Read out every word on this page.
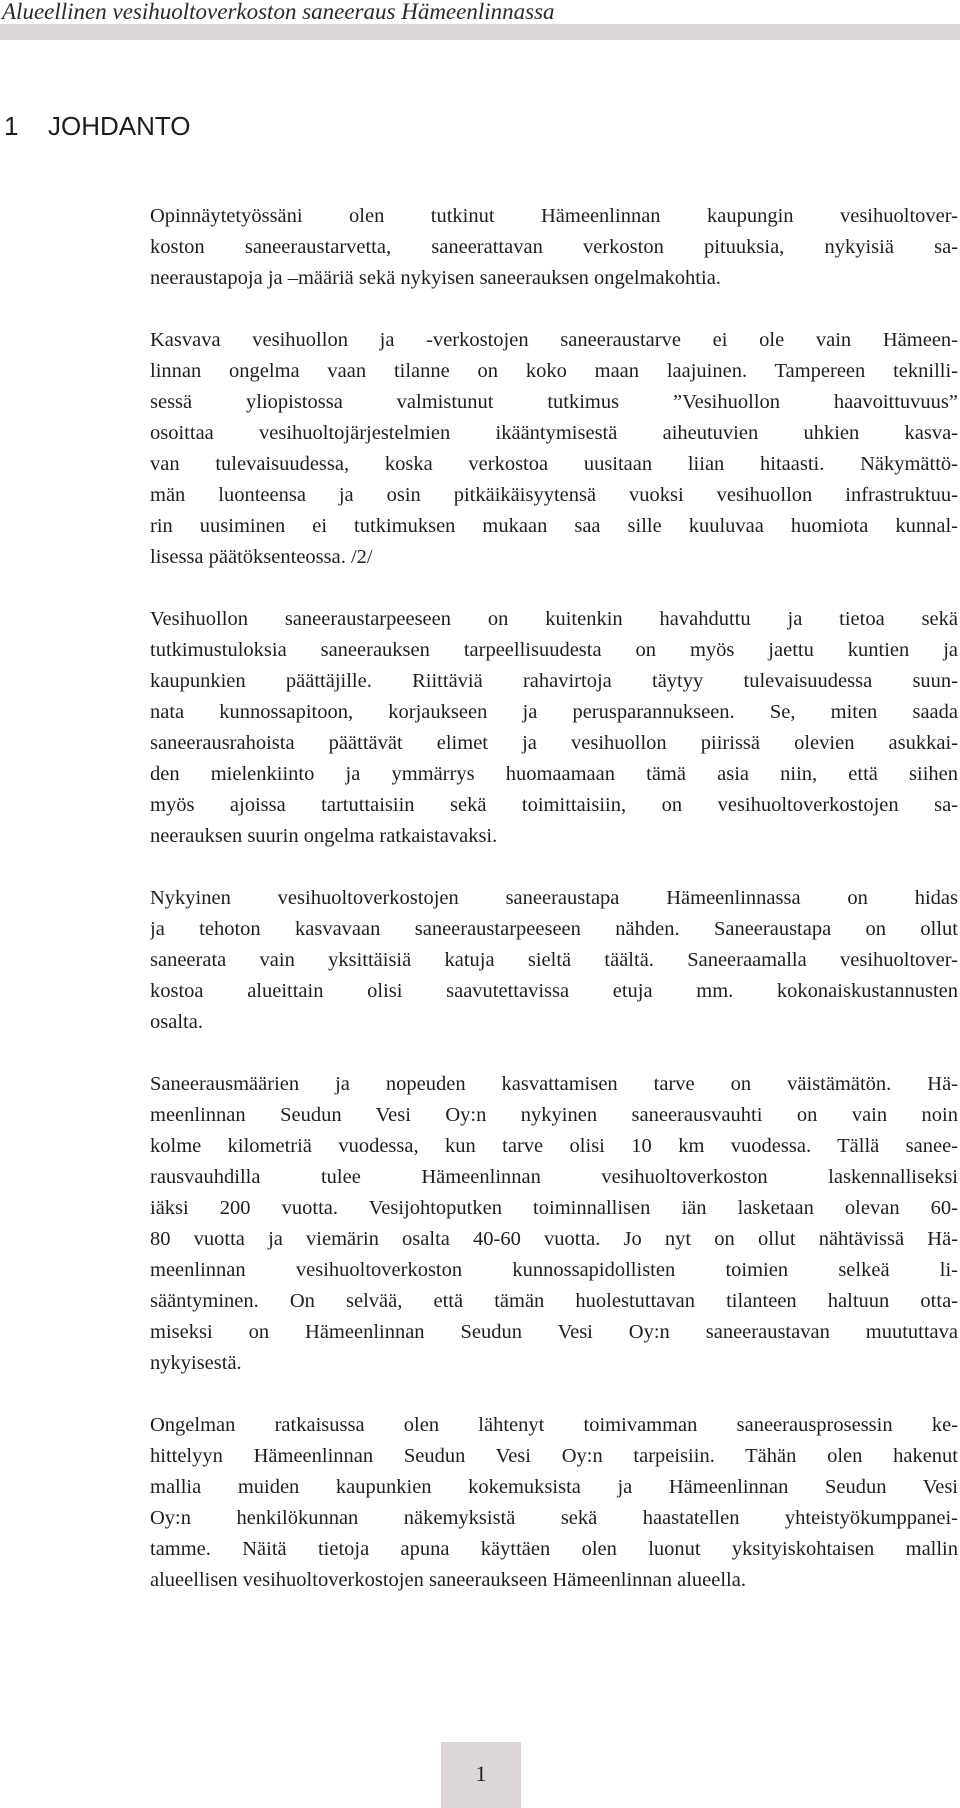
Alueellinen vesihuoltoverkoston saneeraus Hämeenlinnassa
1 JOHDANTO

Opinnäytetyössäni olen tutkinut Hämeenlinnan kaupungin vesihuoltover-
koston saneeraustarvetta, saneerattavan verkoston pituuksia, nykyisiä sa-
neeraustapoja ja –määriä sekä nykyisen saneerauksen ongelmakohtia.

Kasvava vesihuollon ja -verkostojen saneeraustarve ei ole vain Hämeen-
linnan ongelma vaan tilanne on koko maan laajuinen. Tampereen teknilli-
sessä yliopistossa valmistunut tutkimus ”Vesihuollon haavoittuvuus”
osoittaa vesihuoltojärjestelmien ikääntymisestä aiheutuvien uhkien kasva-
van tulevaisuudessa, koska verkostoa uusitaan liian hitaasti. Näkymättö-
män luonteensa ja osin pitkäikäisyytensä vuoksi vesihuollon infrastruktuu-
rin uusiminen ei tutkimuksen mukaan saa sille kuuluvaa huomiota kunnal-
lisessa päätöksenteossa. /2/

Vesihuollon saneeraustarpeeseen on kuitenkin havahduttu ja tietoa sekä
tutkimustuloksia saneerauksen tarpeellisuudesta on myös jaettu kuntien ja
kaupunkien päättäjille. Riittäviä rahavirtoja täytyy tulevaisuudessa suun-
nata kunnossapitoon, korjaukseen ja perusparannukseen. Se, miten saada
saneerausrahoista päättävät elimet ja vesihuollon piirissä olevien asukkai-
den mielenkiinto ja ymmärrys huomaamaan tämä asia niin, että siihen
myös ajoissa tartuttaisiin sekä toimittaisiin, on vesihuoltoverkostojen sa-
neerauksen suurin ongelma ratkaistavaksi.

Nykyinen vesihuoltoverkostojen saneeraustapa Hämeenlinnassa on hidas
ja tehoton kasvavaan saneeraustarpeeseen nähden. Saneeraustapa on ollut
saneerata vain yksittäisiä katuja sieltä täältä. Saneeraamalla vesihuoltover-
kostoa alueittain olisi saavutettavissa etuja mm. kokonaiskustannusten
osalta.

Saneerausmäärien ja nopeuden kasvattamisen tarve on väistämätön. Hä-
meenlinnan Seudun Vesi Oy:n nykyinen saneerausvauhti on vain noin
kolme kilometriä vuodessa, kun tarve olisi 10 km vuodessa. Tällä sanee-
rausvauhdilla tulee Hämeenlinnan vesihuoltoverkoston laskennalliseksi
iäksi 200 vuotta. Vesijohtoputken toiminnallisen iän lasketaan olevan 60-
80 vuotta ja viemärin osalta 40-60 vuotta. Jo nyt on ollut nähtävissä Hä-
meenlinnan vesihuoltoverkoston kunnossapidollisten toimien selkeä li-
sääntyminen. On selvää, että tämän huolestuttavan tilanteen haltuun otta-
miseksi on Hämeenlinnan Seudun Vesi Oy:n saneeraustavan muututtava
nykyisestä.

Ongelman ratkaisussa olen lähtenyt toimivamman saneerausprosessin ke-
hittelyyn Hämeenlinnan Seudun Vesi Oy:n tarpeisiin. Tähän olen hakenut
mallia muiden kaupunkien kokemuksista ja Hämeenlinnan Seudun Vesi
Oy:n henkilökunnan näkemyksistä sekä haastatellen yhteistyökumppanei-
tamme. Näitä tietoja apuna käyttäen olen luonut yksityiskohtaisen mallin
alueellisen vesihuoltoverkostojen saneeraukseen Hämeenlinnan alueella.

1
